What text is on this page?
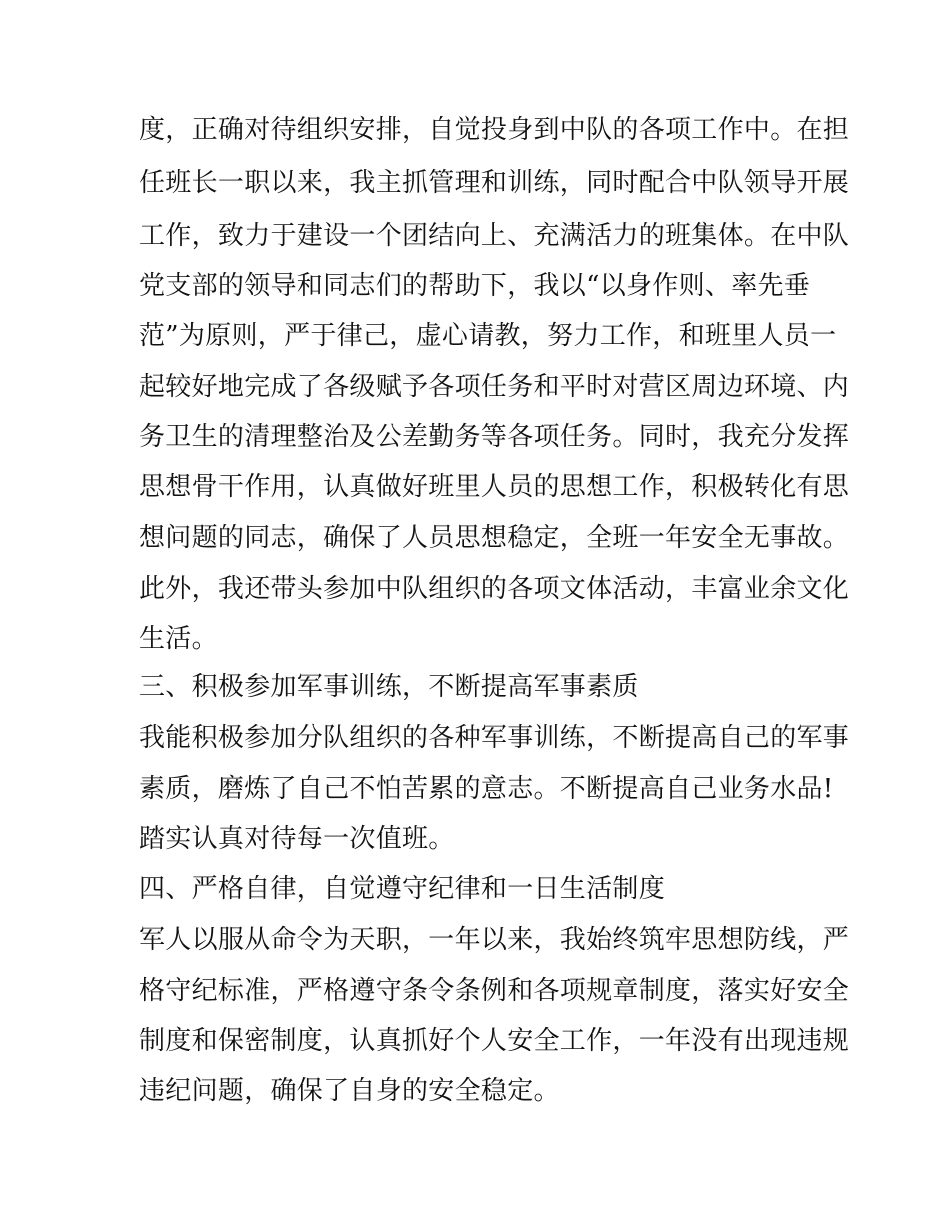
度，正确对待组织安排，自觉投身到中队的各项工作中。在担
任班长一职以来，我主抓管理和训练，同时配合中队领导开展
工作，致力于建设一个团结向上、充满活力的班集体。在中队
党支部的领导和同志们的帮助下，我以“以身作则、率先垂
范”为原则，严于律己，虚心请教，努力工作，和班里人员一
起较好地完成了各级赋予各项任务和平时对营区周边环境、内
务卫生的清理整治及公差勤务等各项任务。同时，我充分发挥
思想骨干作用，认真做好班里人员的思想工作，积极转化有思
想问题的同志，确保了人员思想稳定，全班一年安全无事故。
此外，我还带头参加中队组织的各项文体活动，丰富业余文化
生活。
三、积极参加军事训练，不断提高军事素质
我能积极参加分队组织的各种军事训练，不断提高自己的军事
素质，磨炼了自己不怕苦累的意志。不断提高自己业务水品!
踏实认真对待每一次值班。
四、严格自律，自觉遵守纪律和一日生活制度
军人以服从命令为天职，一年以来，我始终筑牢思想防线，严
格守纪标准，严格遵守条令条例和各项规章制度，落实好安全
制度和保密制度，认真抓好个人安全工作，一年没有出现违规
违纪问题，确保了自身的安全稳定。
